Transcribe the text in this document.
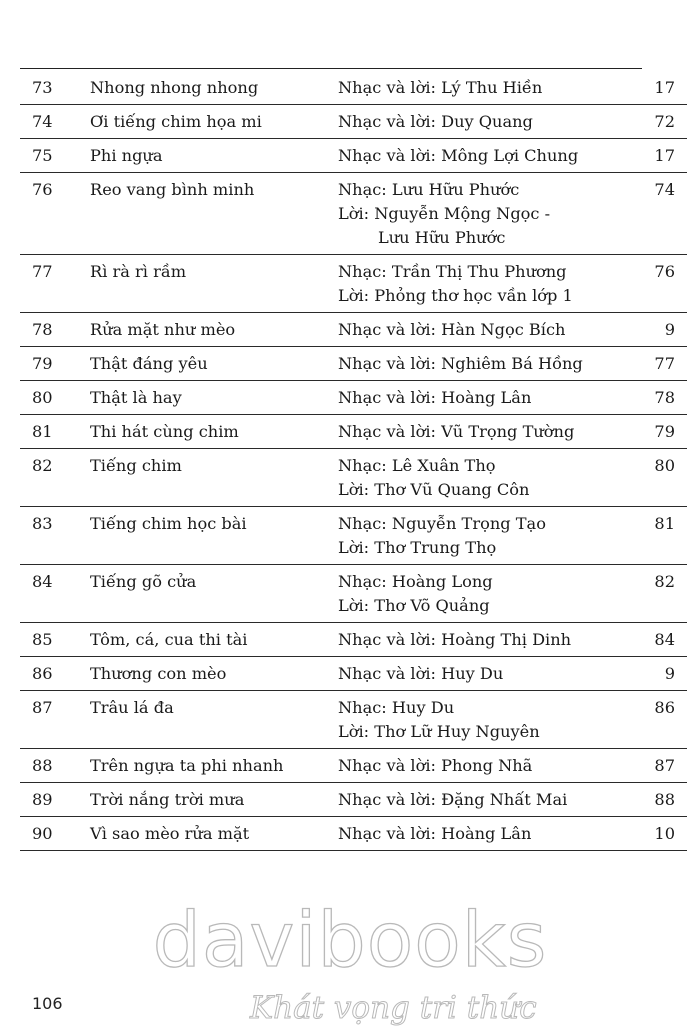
73	Nhong nhong nhong	Nhạc và lời: Lý Thu Hiền	17
74	Ơi tiếng chim họa mi	Nhạc và lời: Duy Quang	72
75	Phi ngựa	Nhạc và lời: Mông Lợi Chung	17
76	Reo vang bình minh	Nhạc: Lưu Hữu Phước
Lời: Nguyễn Mộng Ngọc -
Lưu Hữu Phước	74
77	Rì rà rì rầm	Nhạc: Trần Thị Thu Phương
Lời: Phỏng thơ học vần lớp 1	76
78	Rửa mặt như mèo	Nhạc và lời: Hàn Ngọc Bích	9
79	Thật đáng yêu	Nhạc và lời: Nghiêm Bá Hồng	77
80	Thật là hay	Nhạc và lời: Hoàng Lân	78
81	Thi hát cùng chim	Nhạc và lời: Vũ Trọng Tường	79
82	Tiếng chim	Nhạc: Lê Xuân Thọ
Lời: Thơ Vũ Quang Côn	80
83	Tiếng chim học bài	Nhạc: Nguyễn Trọng Tạo
Lời: Thơ Trung Thọ	81
84	Tiếng gõ cửa	Nhạc: Hoàng Long
Lời: Thơ Võ Quảng	82
85	Tôm, cá, cua thi tài	Nhạc và lời: Hoàng Thị Dinh	84
86	Thương con mèo	Nhạc và lời: Huy Du	9
87	Trâu lá đa	Nhạc: Huy Du
Lời: Thơ Lữ Huy Nguyên	86
88	Trên ngựa ta phi nhanh	Nhạc và lời: Phong Nhã	87
89	Trời nắng trời mưa	Nhạc và lời: Đặng Nhất Mai	88
90	Vì sao mèo rửa mặt	Nhạc và lời: Hoàng Lân	10
106
davibooks
Khát vọng tri thức
